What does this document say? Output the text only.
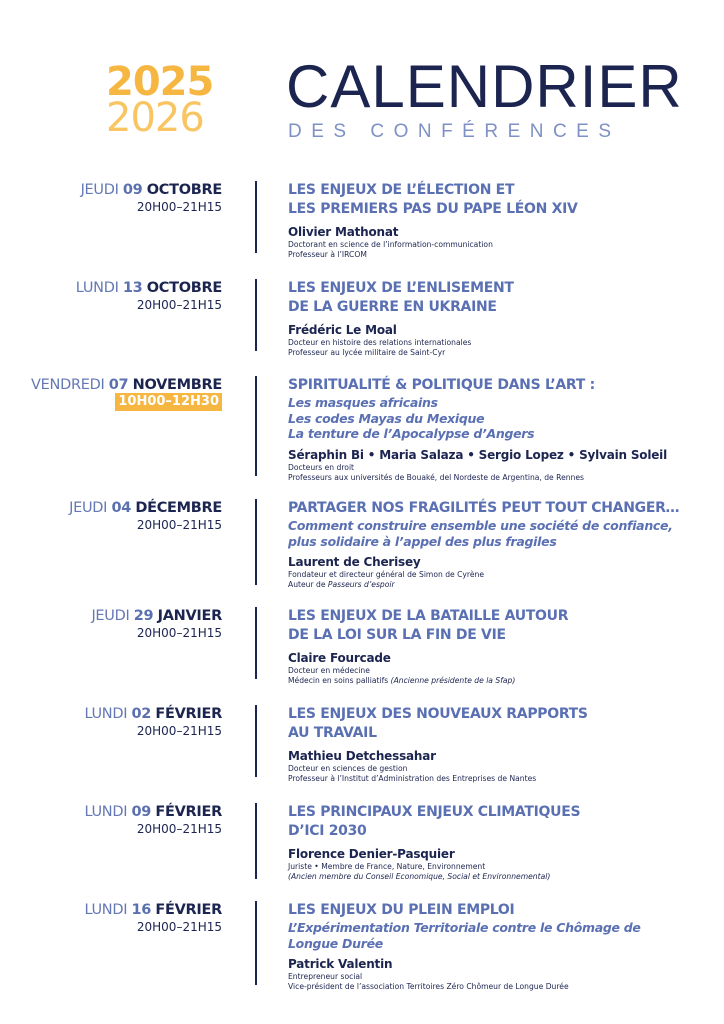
2025
2026	CALENDRIER
DES CONFÉRENCES
JEUDI 09 OCTOBRE
20H00–21H15

LES ENJEUX DE L’ÉLECTION ET

LES PREMIERS PAS DU PAPE LÉON XIV

Olivier Mathonat

Doctorant en science de l’information-communication

Professeur à l’IRCOM

LUNDI 13 OCTOBRE
20H00–21H15

LES ENJEUX DE L’ENLISEMENT

DE LA GUERRE EN UKRAINE

Frédéric Le Moal

Docteur en histoire des relations internationales

Professeur au lycée militaire de Saint-Cyr

VENDREDI 07 NOVEMBRE
10H00–12H30

SPIRITUALITÉ & POLITIQUE DANS L’ART :

Les masques africains

Les codes Mayas du Mexique

La tenture de l’Apocalypse d’Angers

Séraphin Bi • Maria Salaza • Sergio Lopez • Sylvain Soleil

Docteurs en droit

Professeurs aux universités de Bouaké, del Nordeste de Argentina, de Rennes

JEUDI 04 DÉCEMBRE
20H00–21H15

PARTAGER NOS FRAGILITÉS PEUT TOUT CHANGER…

Comment construire ensemble une société de confiance,

plus solidaire à l’appel des plus fragiles

Laurent de Cherisey

Fondateur et directeur général de Simon de Cyrène

Auteur de Passeurs d’espoir

JEUDI 29 JANVIER
20H00–21H15

LES ENJEUX DE LA BATAILLE AUTOUR

DE LA LOI SUR LA FIN DE VIE

Claire Fourcade

Docteur en médecine

Médecin en soins palliatifs (Ancienne présidente de la Sfap)

LUNDI 02 FÉVRIER
20H00–21H15

LES ENJEUX DES NOUVEAUX RAPPORTS

AU TRAVAIL

Mathieu Detchessahar

Docteur en sciences de gestion

Professeur à l’Institut d’Administration des Entreprises de Nantes

LUNDI 09 FÉVRIER
20H00–21H15

LES PRINCIPAUX ENJEUX CLIMATIQUES

D’ICI 2030

Florence Denier-Pasquier

Juriste • Membre de France, Nature, Environnement

(Ancien membre du Conseil Economique, Social et Environnemental)

LUNDI 16 FÉVRIER
20H00–21H15

LES ENJEUX DU PLEIN EMPLOI

L’Expérimentation Territoriale contre le Chômage de

Longue Durée

Patrick Valentin

Entrepreneur social

Vice-président de l’association Territoires Zéro Chômeur de Longue Durée
